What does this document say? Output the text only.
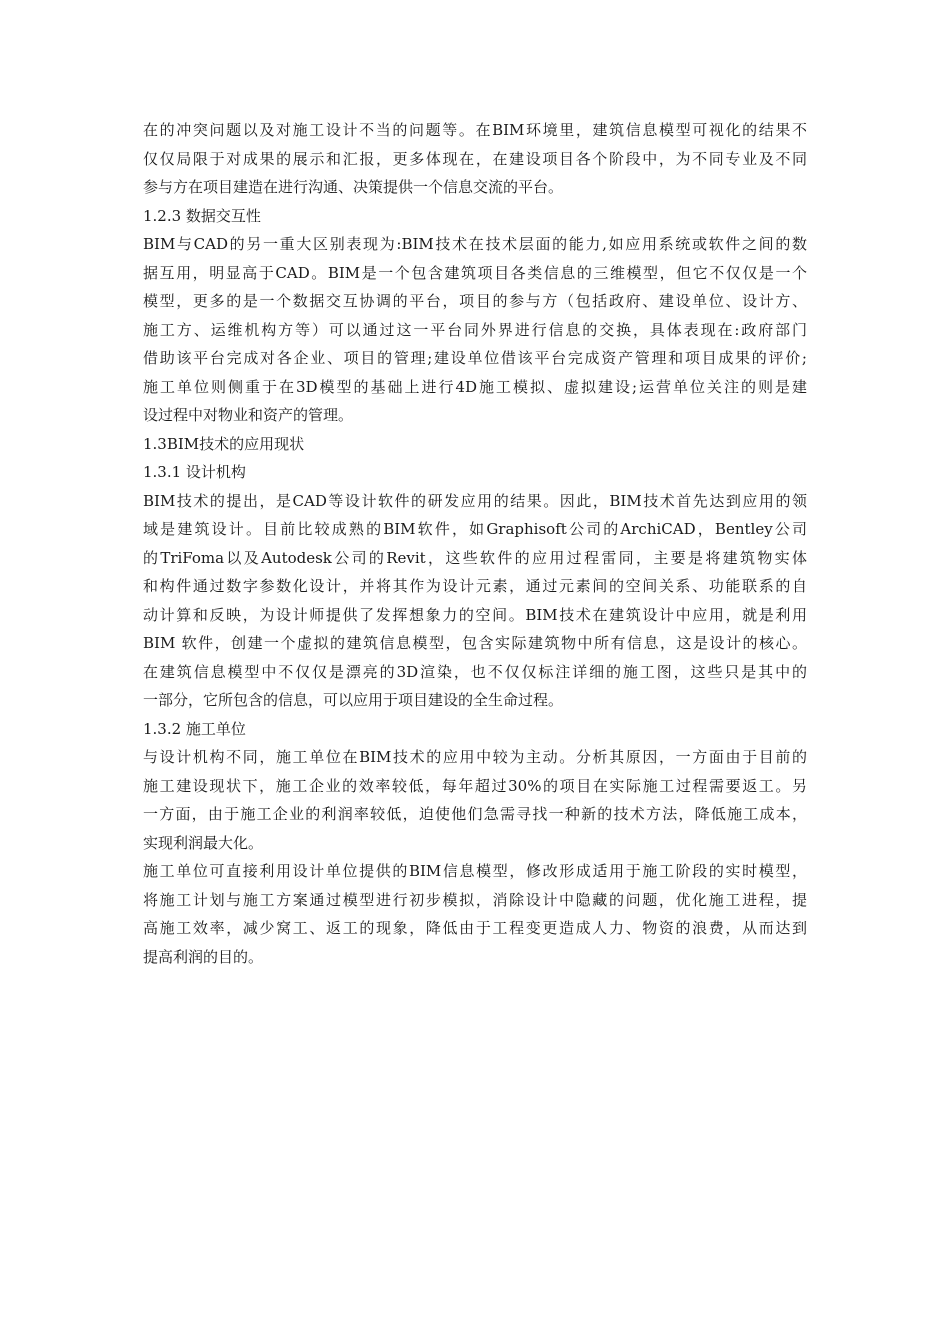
在的冲突问题以及对施工设计不当的问题等。在BIM环境里，建筑信息模型可视化的结果不
仅仅局限于对成果的展示和汇报，更多体现在，在建设项目各个阶段中，为不同专业及不同
参与方在项目建造在进行沟通、决策提供一个信息交流的平台。
1.2.3 数据交互性
BIM与CAD的另一重大区别表现为:BIM技术在技术层面的能力,如应用系统或软件之间的数
据互用，明显高于CAD。BIM是一个包含建筑项目各类信息的三维模型，但它不仅仅是一个
模型，更多的是一个数据交互协调的平台，项目的参与方（包括政府、建设单位、设计方、
施工方、运维机构方等）可以通过这一平台同外界进行信息的交换，具体表现在:政府部门
借助该平台完成对各企业、项目的管理;建设单位借该平台完成资产管理和项目成果的评价;
施工单位则侧重于在3D模型的基础上进行4D施工模拟、虚拟建设;运营单位关注的则是建
设过程中对物业和资产的管理。
1.3BIM技术的应用现状
1.3.1 设计机构
BIM技术的提出，是CAD等设计软件的研发应用的结果。因此，BIM技术首先达到应用的领
域是建筑设计。目前比较成熟的BIM软件，如Graphisoft公司的ArchiCAD，Bentley公司
的TriFoma以及Autodesk公司的Revit，这些软件的应用过程雷同，主要是将建筑物实体
和构件通过数字参数化设计，并将其作为设计元素，通过元素间的空间关系、功能联系的自
动计算和反映，为设计师提供了发挥想象力的空间。BIM技术在建筑设计中应用，就是利用
BIM 软件，创建一个虚拟的建筑信息模型，包含实际建筑物中所有信息，这是设计的核心。
在建筑信息模型中不仅仅是漂亮的3D渲染，也不仅仅标注详细的施工图，这些只是其中的
一部分，它所包含的信息，可以应用于项目建设的全生命过程。
1.3.2 施工单位
与设计机构不同，施工单位在BIM技术的应用中较为主动。分析其原因，一方面由于目前的
施工建设现状下，施工企业的效率较低，每年超过30%的项目在实际施工过程需要返工。另
一方面，由于施工企业的利润率较低，迫使他们急需寻找一种新的技术方法，降低施工成本，
实现利润最大化。
施工单位可直接利用设计单位提供的BIM信息模型，修改形成适用于施工阶段的实时模型，
将施工计划与施工方案通过模型进行初步模拟，消除设计中隐藏的问题，优化施工进程，提
高施工效率，减少窝工、返工的现象，降低由于工程变更造成人力、物资的浪费，从而达到
提高利润的目的。
